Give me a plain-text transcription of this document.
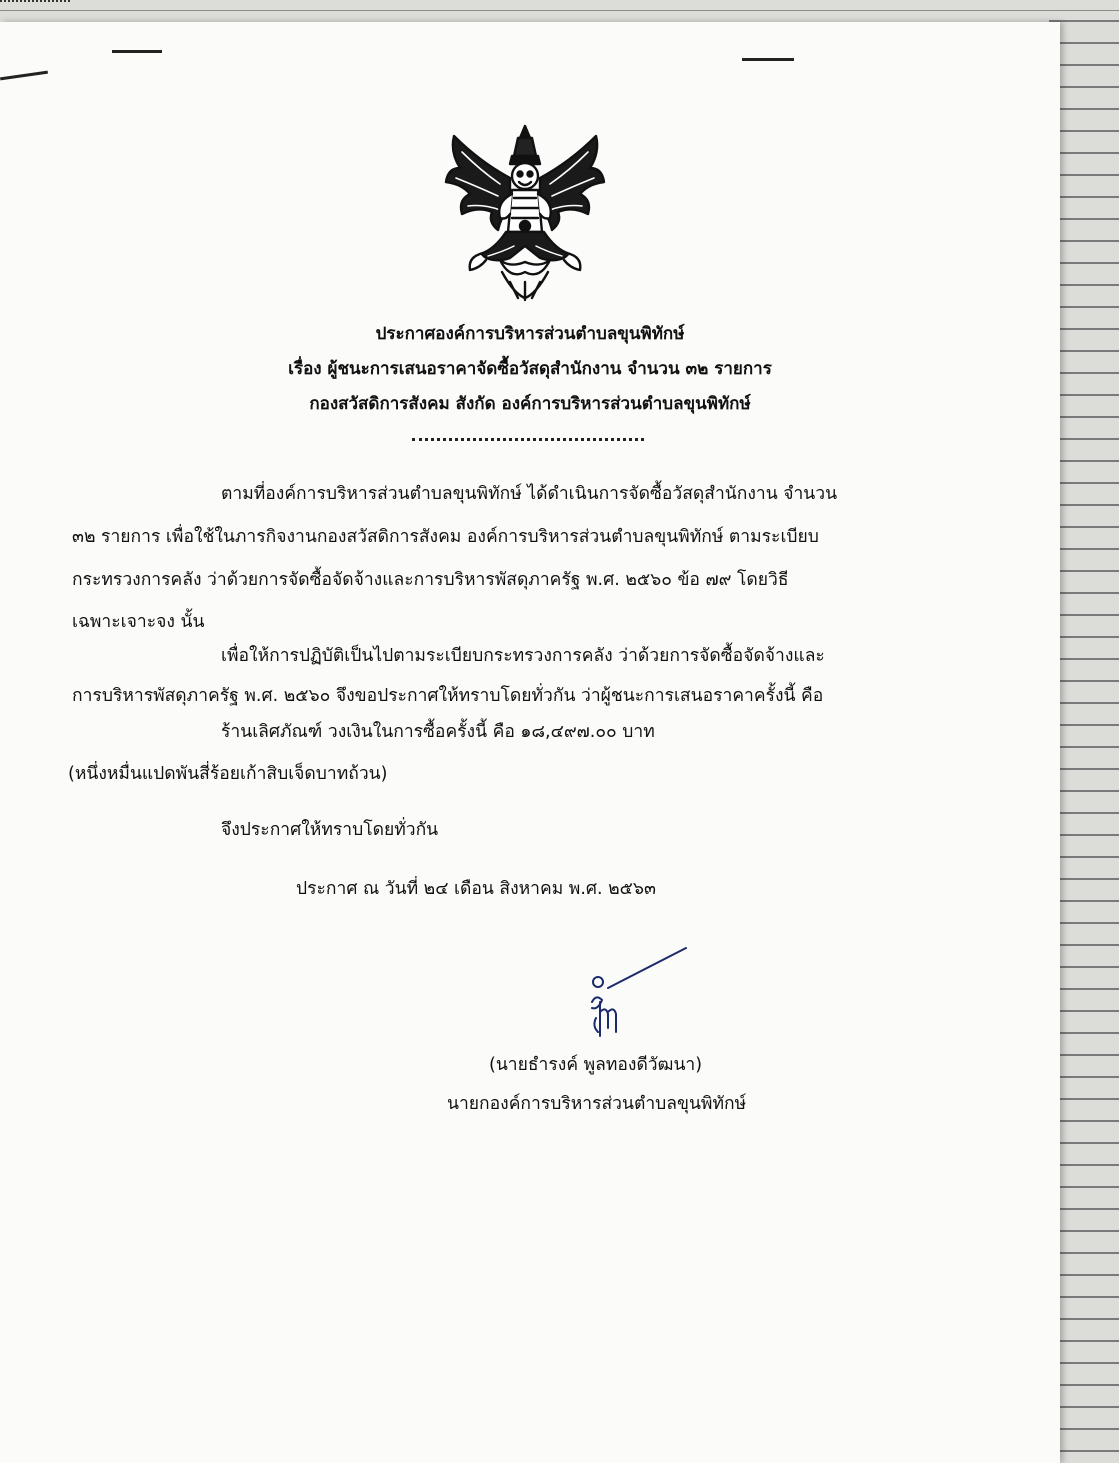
ประกาศองค์การบริหารส่วนตำบลขุนพิทักษ์
เรื่อง ผู้ชนะการเสนอราคาจัดซื้อวัสดุสำนักงาน จำนวน ๓๒ รายการ
กองสวัสดิการสังคม สังกัด องค์การบริหารส่วนตำบลขุนพิทักษ์
ตามที่องค์การบริหารส่วนตำบลขุนพิทักษ์ ได้ดำเนินการจัดซื้อวัสดุสำนักงาน จำนวน
๓๒ รายการ เพื่อใช้ในภารกิจงานกองสวัสดิการสังคม องค์การบริหารส่วนตำบลขุนพิทักษ์ ตามระเบียบ
กระทรวงการคลัง ว่าด้วยการจัดซื้อจัดจ้างและการบริหารพัสดุภาครัฐ พ.ศ. ๒๕๖๐ ข้อ ๗๙ โดยวิธี
เฉพาะเจาะจง นั้น
เพื่อให้การปฏิบัติเป็นไปตามระเบียบกระทรวงการคลัง ว่าด้วยการจัดซื้อจัดจ้างและ
การบริหารพัสดุภาครัฐ พ.ศ. ๒๕๖๐ จึงขอประกาศให้ทราบโดยทั่วกัน ว่าผู้ชนะการเสนอราคาครั้งนี้ คือ
ร้านเลิศภัณฑ์ วงเงินในการซื้อครั้งนี้ คือ ๑๘,๔๙๗.๐๐ บาท
(หนึ่งหมื่นแปดพันสี่ร้อยเก้าสิบเจ็ดบาทถ้วน)
จึงประกาศให้ทราบโดยทั่วกัน
ประกาศ ณ วันที่ ๒๔ เดือน สิงหาคม พ.ศ. ๒๕๖๓
(นายธำรงค์ พูลทองดีวัฒนา)
นายกองค์การบริหารส่วนตำบลขุนพิทักษ์
